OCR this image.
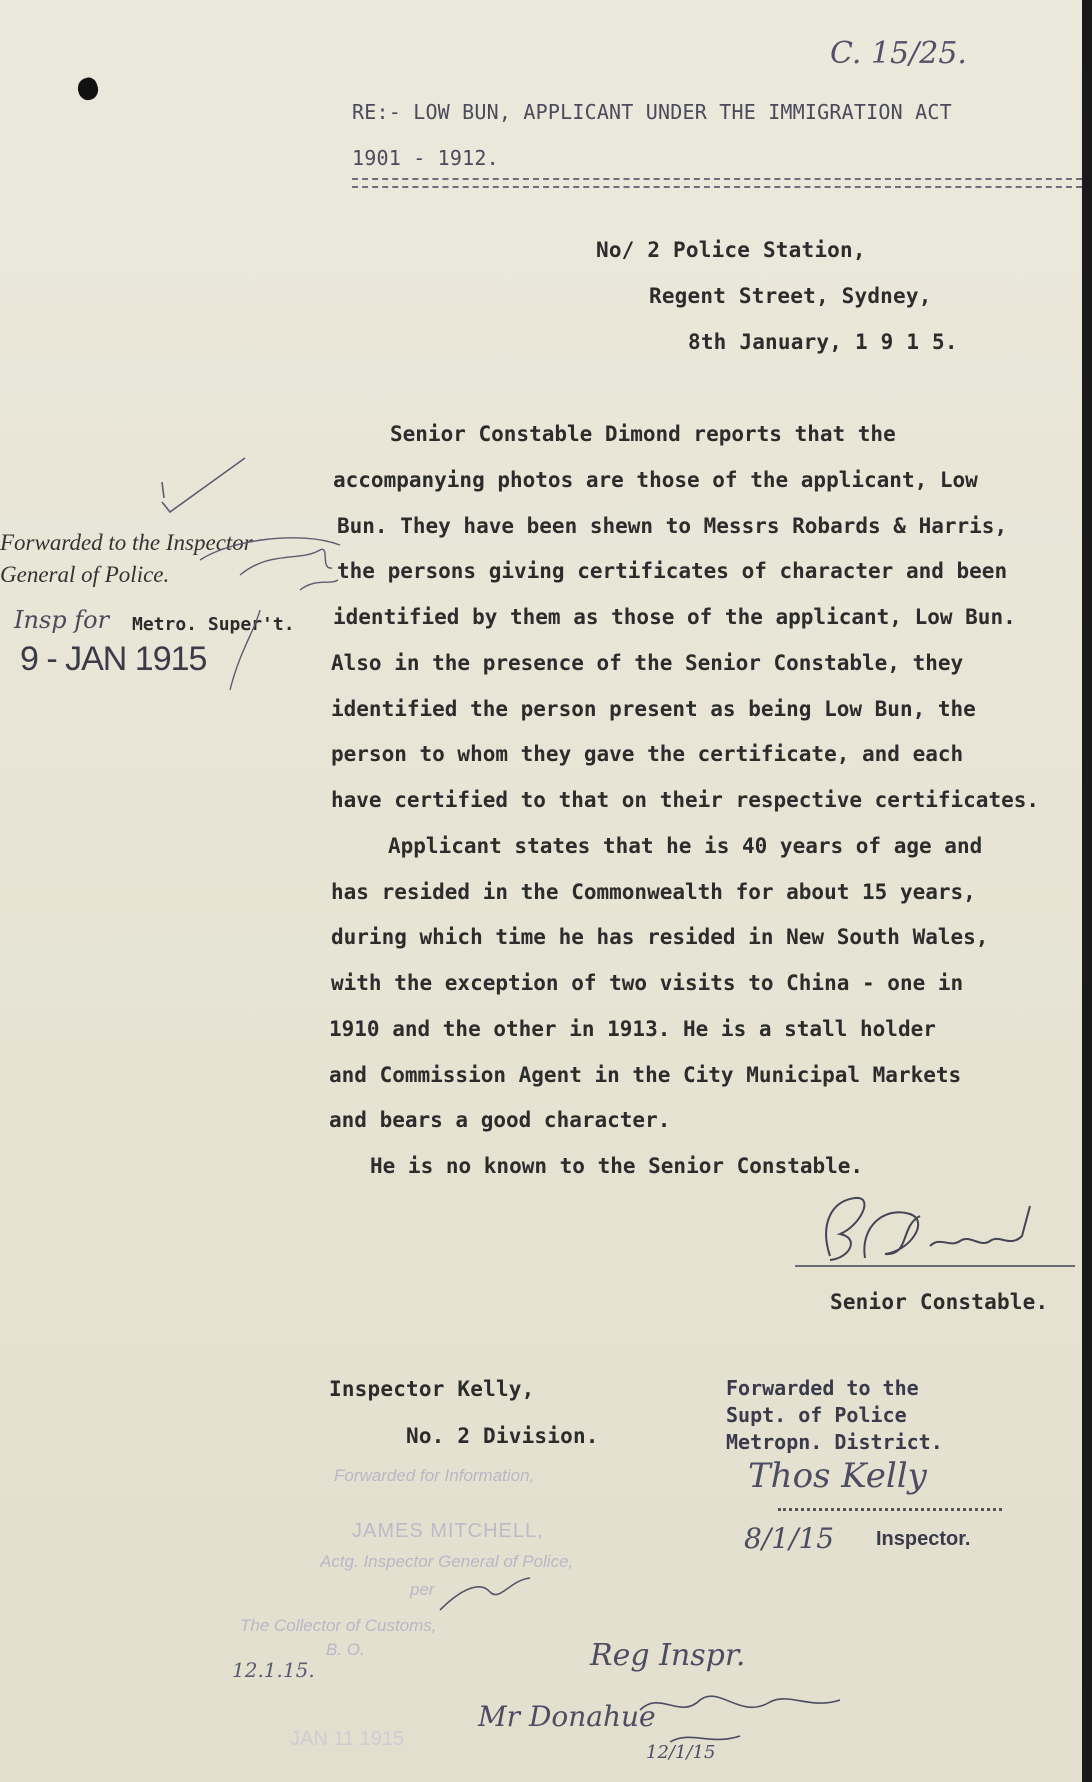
C. 15/25.
RE:- LOW BUN, APPLICANT UNDER THE IMMIGRATION ACT
1901 - 1912.
No/ 2 Police Station,
Regent Street, Sydney,
8th January, 1 9 1 5.
Senior Constable Dimond reports that the
accompanying photos are those of the applicant, Low
Bun. They have been shewn to Messrs Robards & Harris,
the persons giving certificates of character and been
identified by them as those of the applicant, Low Bun.
Also in the presence of the Senior Constable, they
identified the person present as being Low Bun, the
person to whom they gave the certificate, and each
have certified to that on their respective certificates.
Applicant states that he is 40 years of age and
has resided in the Commonwealth for about 15 years,
during which time he has resided in New South Wales,
with the exception of two visits to China - one in
1910 and the other in 1913. He is a stall holder
and Commission Agent in the City Municipal Markets
and bears a good character.
He is no known to the Senior Constable.
Forwarded to the Inspector
General of Police.
Metro. Super't.
Insp for
9 - JAN 1915
Senior Constable.
Inspector Kelly,
No. 2 Division.
Forwarded to the
Supt. of Police
Metropn. District.
Thos Kelly
8/1/15 Inspector.
Forwarded for Information,
JAMES MITCHELL,
Actg. Inspector General of Police,
per
The Collector of Customs,
B. O.
JAN 11 1915
12.1.15.	Reg Inspr.
Mr Donahue
12/1/15
